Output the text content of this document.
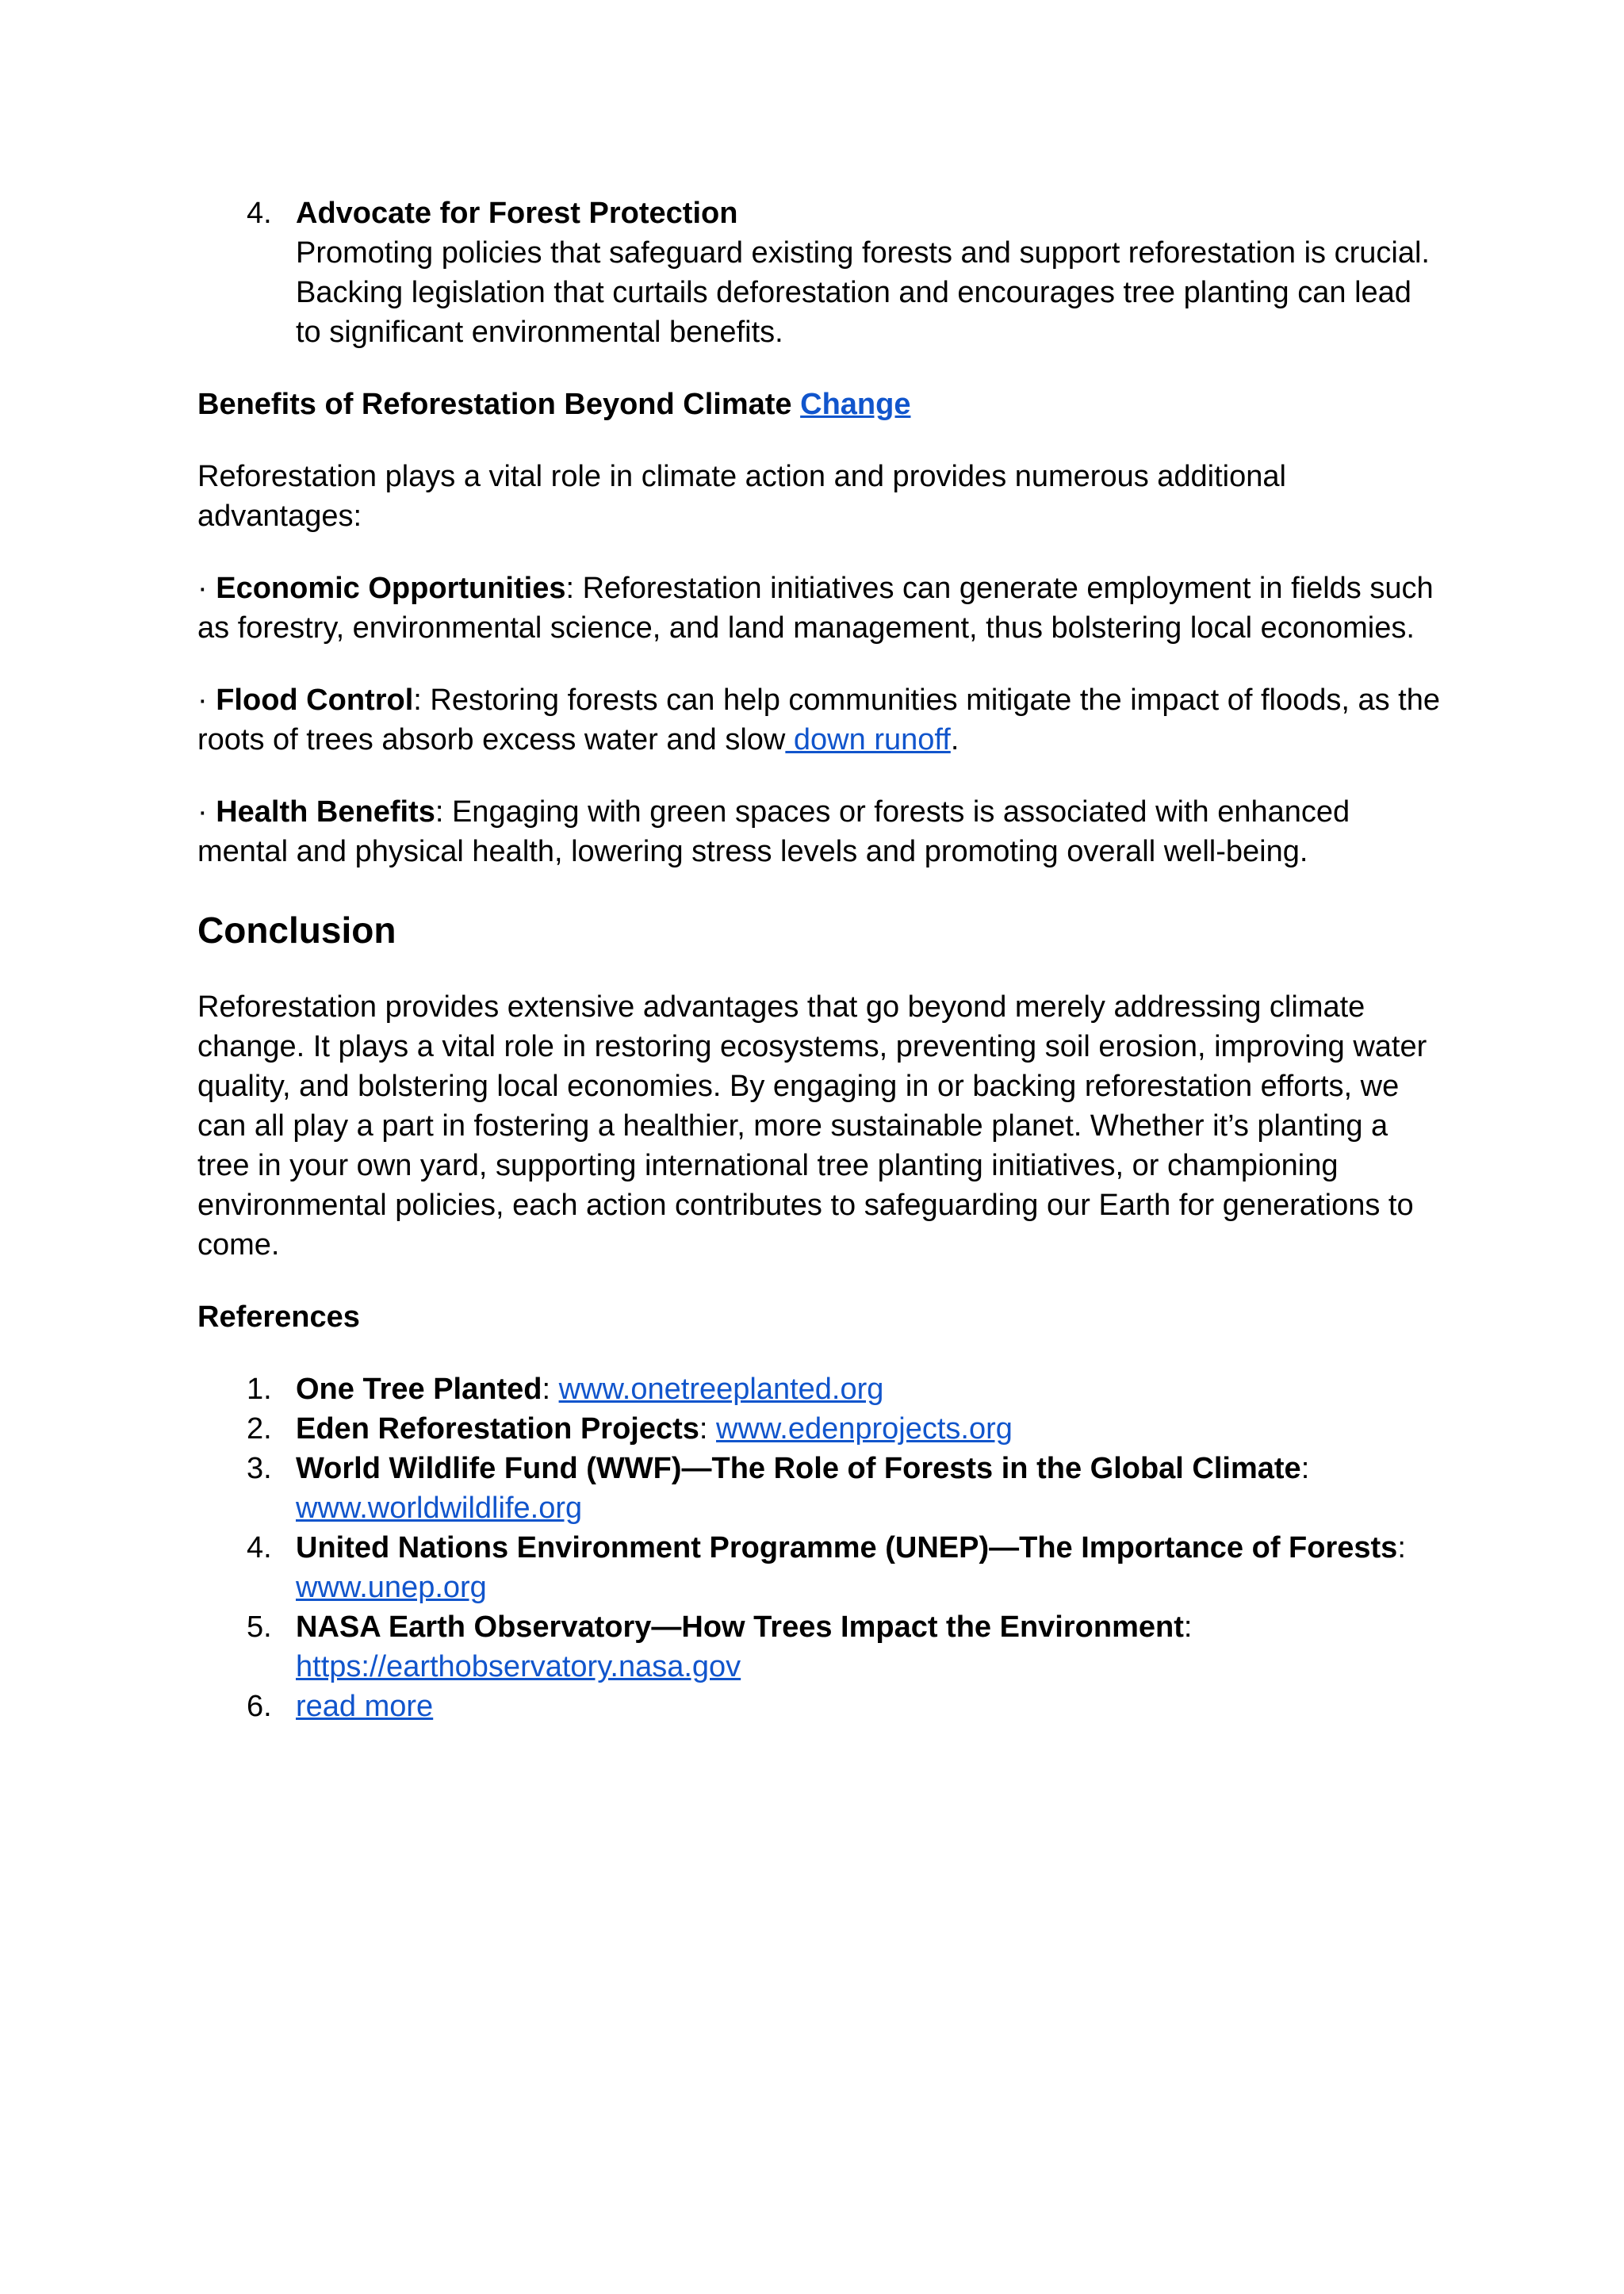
4. Advocate for Forest Protection
Promoting policies that safeguard existing forests and support reforestation is crucial. Backing legislation that curtails deforestation and encourages tree planting can lead to significant environmental benefits.

Benefits of Reforestation Beyond Climate Change

Reforestation plays a vital role in climate action and provides numerous additional advantages:

· Economic Opportunities: Reforestation initiatives can generate employment in fields such as forestry, environmental science, and land management, thus bolstering local economies.

· Flood Control: Restoring forests can help communities mitigate the impact of floods, as the roots of trees absorb excess water and slow down runoff.

· Health Benefits: Engaging with green spaces or forests is associated with enhanced mental and physical health, lowering stress levels and promoting overall well-being.

Conclusion

Reforestation provides extensive advantages that go beyond merely addressing climate change. It plays a vital role in restoring ecosystems, preventing soil erosion, improving water quality, and bolstering local economies. By engaging in or backing reforestation efforts, we can all play a part in fostering a healthier, more sustainable planet. Whether it’s planting a tree in your own yard, supporting international tree planting initiatives, or championing environmental policies, each action contributes to safeguarding our Earth for generations to come.

References

1. One Tree Planted: www.onetreeplanted.org
2. Eden Reforestation Projects: www.edenprojects.org
3. World Wildlife Fund (WWF)—The Role of Forests in the Global Climate:
www.worldwildlife.org
4. United Nations Environment Programme (UNEP)—The Importance of Forests:
www.unep.org
5. NASA Earth Observatory—How Trees Impact the Environment:
https://earthobservatory.nasa.gov
6. read more
